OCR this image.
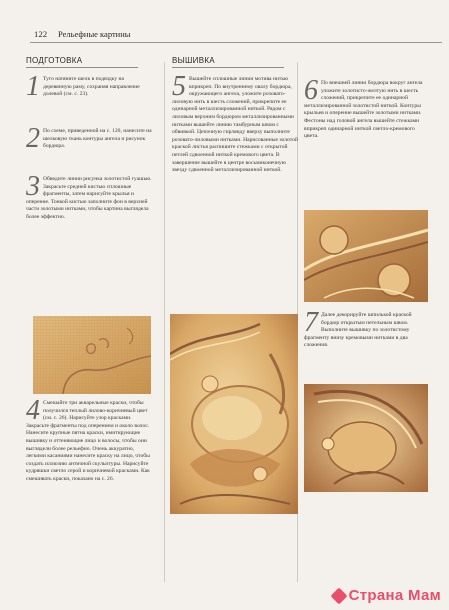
122 Рельефные картины
ПОДГОТОВКА
1 Туго натяните шелк в подвздку на деревянную раму, сохраняя направление долевой (см. с. 23).
2 По схеме, приведенной на с. 120, нанесите на шелковую ткань контуры ангела и рисунок бордюра.
3 Обведите линии рисунка золотистой гуашью. Закрасьте средней кистью сплошные фрагменты, затем нарисуйте крылья и оперение. Тонкой кистью заполните фон в верхней части золотыми нитками, чтобы картина выглядела более эффектно.
4 Смешайте три акварельные краски, чтобы получился теплый лилово-коричневый цвет (см. с. 26). Нарисуйте узор красками. Закрасьте фрагменты под оперением и около волос. Нанесите крупные пятна краски, имитирующие вышивку и оттеняющие лицо и волосы, чтобы они выглядели более рельефно. Очень аккуратно, легкими касаниями нанесите краску на лицо, чтобы создать иллюзию античной скульптуры. Нарисуйте кудряшки светло серой и коричневой красками. Как смешивать краски, показано на с. 26.
ВЫШИВКА
5 Вышейте сплошные линии мотива нитью вприкреп. По внутреннему овалу бордюра, окружающего ангела, уложите розовато-лиловую нить в шесть сложений, прикрепите ее одинарной металлизированной ниткой. Рядом с лиловым верхним бордюром металлизированными нитками вышейте линию тамбурным швом с обвивкой. Цепочную гирлянду вверху выполните розовато-лиловыми нитками. Нарисованные золотой краской листья распишите стежками с открытой петлей сдвоенной ниткой кремового цвета. В завершение вышейте в центре восьмиконечную звезду сдвоенной металлизированной ниткой.
6 По внешней линии бордюра вокруг ангела уложите золотисто-желтую нить в шесть сложений, прикрепите ее одинарной металлизированной золотистой ниткой. Контуры крыльев и оперение вышейте золотыми нитками. Фестоны над головой ангела вышейте стежками вприкреп одинарной ниткой светло-кремового цвета.
7 Далее декорируйте шпилькой краской бордюр открытым петельным швом. Выполните вышивку по золотистому фрагменту внизу кремовыми нитками в два сложения.
Страна Мам
